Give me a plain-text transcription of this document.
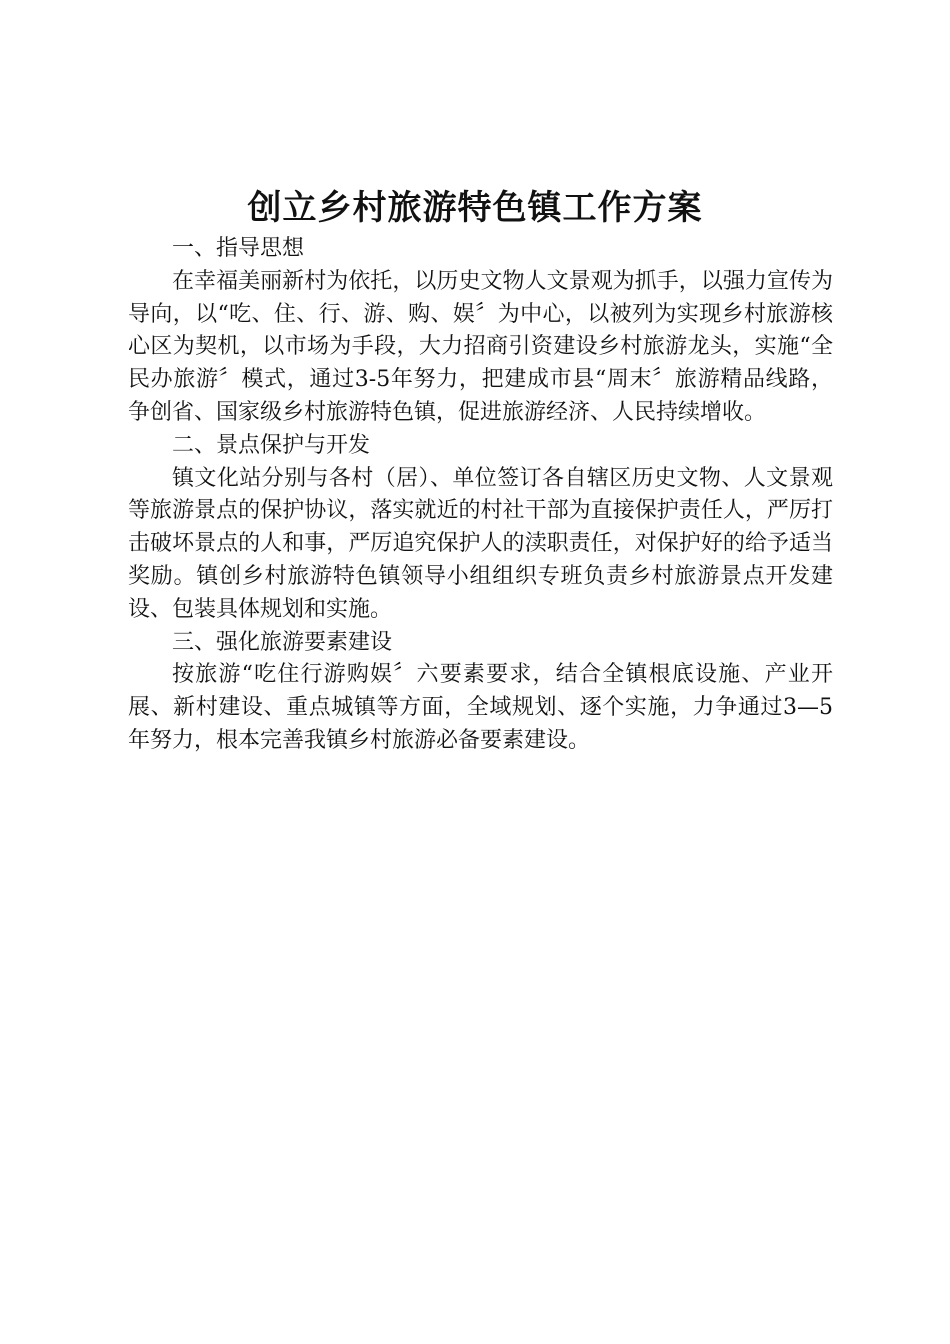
创立乡村旅游特色镇工作方案

一、指导思想

在幸福美丽新村为依托，以历史文物人文景观为抓手，以强力宣传为导向，以“吃、住、行、游、购、娱〞为中心，以被列为实现乡村旅游核心区为契机，以市场为手段，大力招商引资建设乡村旅游龙头，实施“全民办旅游〞模式，通过3-5年努力，把建成市县“周末〞旅游精品线路，争创省、国家级乡村旅游特色镇，促进旅游经济、人民持续增收。

二、景点保护与开发

镇文化站分别与各村（居）、单位签订各自辖区历史文物、人文景观等旅游景点的保护协议，落实就近的村社干部为直接保护责任人，严厉打击破坏景点的人和事，严厉追究保护人的渎职责任，对保护好的给予适当奖励。镇创乡村旅游特色镇领导小组组织专班负责乡村旅游景点开发建设、包装具体规划和实施。

三、强化旅游要素建设

按旅游“吃住行游购娱〞六要素要求，结合全镇根底设施、产业开展、新村建设、重点城镇等方面，全域规划、逐个实施，力争通过3—5年努力，根本完善我镇乡村旅游必备要素建设。
